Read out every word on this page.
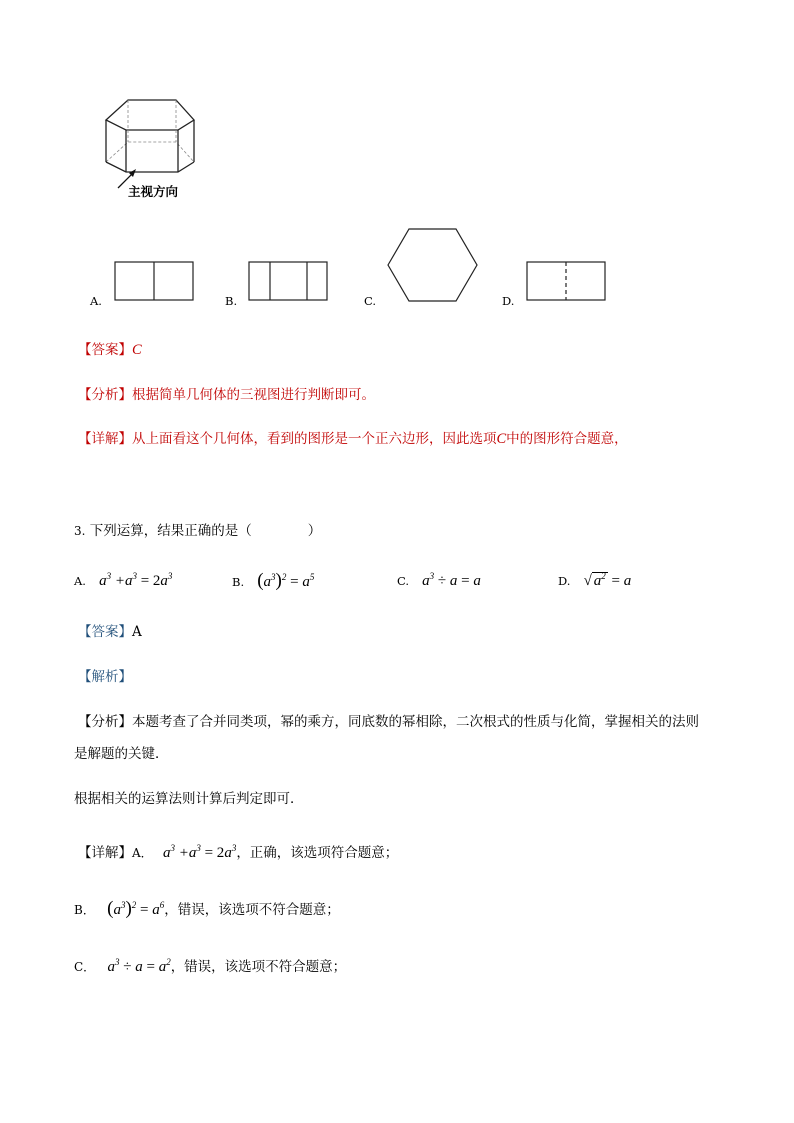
主视方向
A.	B.	C.	D.
【答案】C
【分析】根据简单几何体的三视图进行判断即可。
【详解】从上面看这个几何体，看到的图形是一个正六边形，因此选项C中的图形符合题意，
3. 下列运算，结果正确的是（	）
A. $a^3 +a^3 = 2a^3$	B. $(a^3)^2 = a^5$	C. $a^3 \div a = a$	D. √ $a^2 = a$
【答案】A
【解析】
【分析】本题考查了合并同类项，幂的乘方，同底数的幂相除，二次根式的性质与化简，掌握相关的法则
是解题的关键．
根据相关的运算法则计算后判定即可．
【详解】A． $a^3 +a^3 = 2a^3$，正确，该选项符合题意；
B． $(a^3)^2 = a^6$，错误，该选项不符合题意；
C． $a^3 \div a = a^2$，错误，该选项不符合题意；
